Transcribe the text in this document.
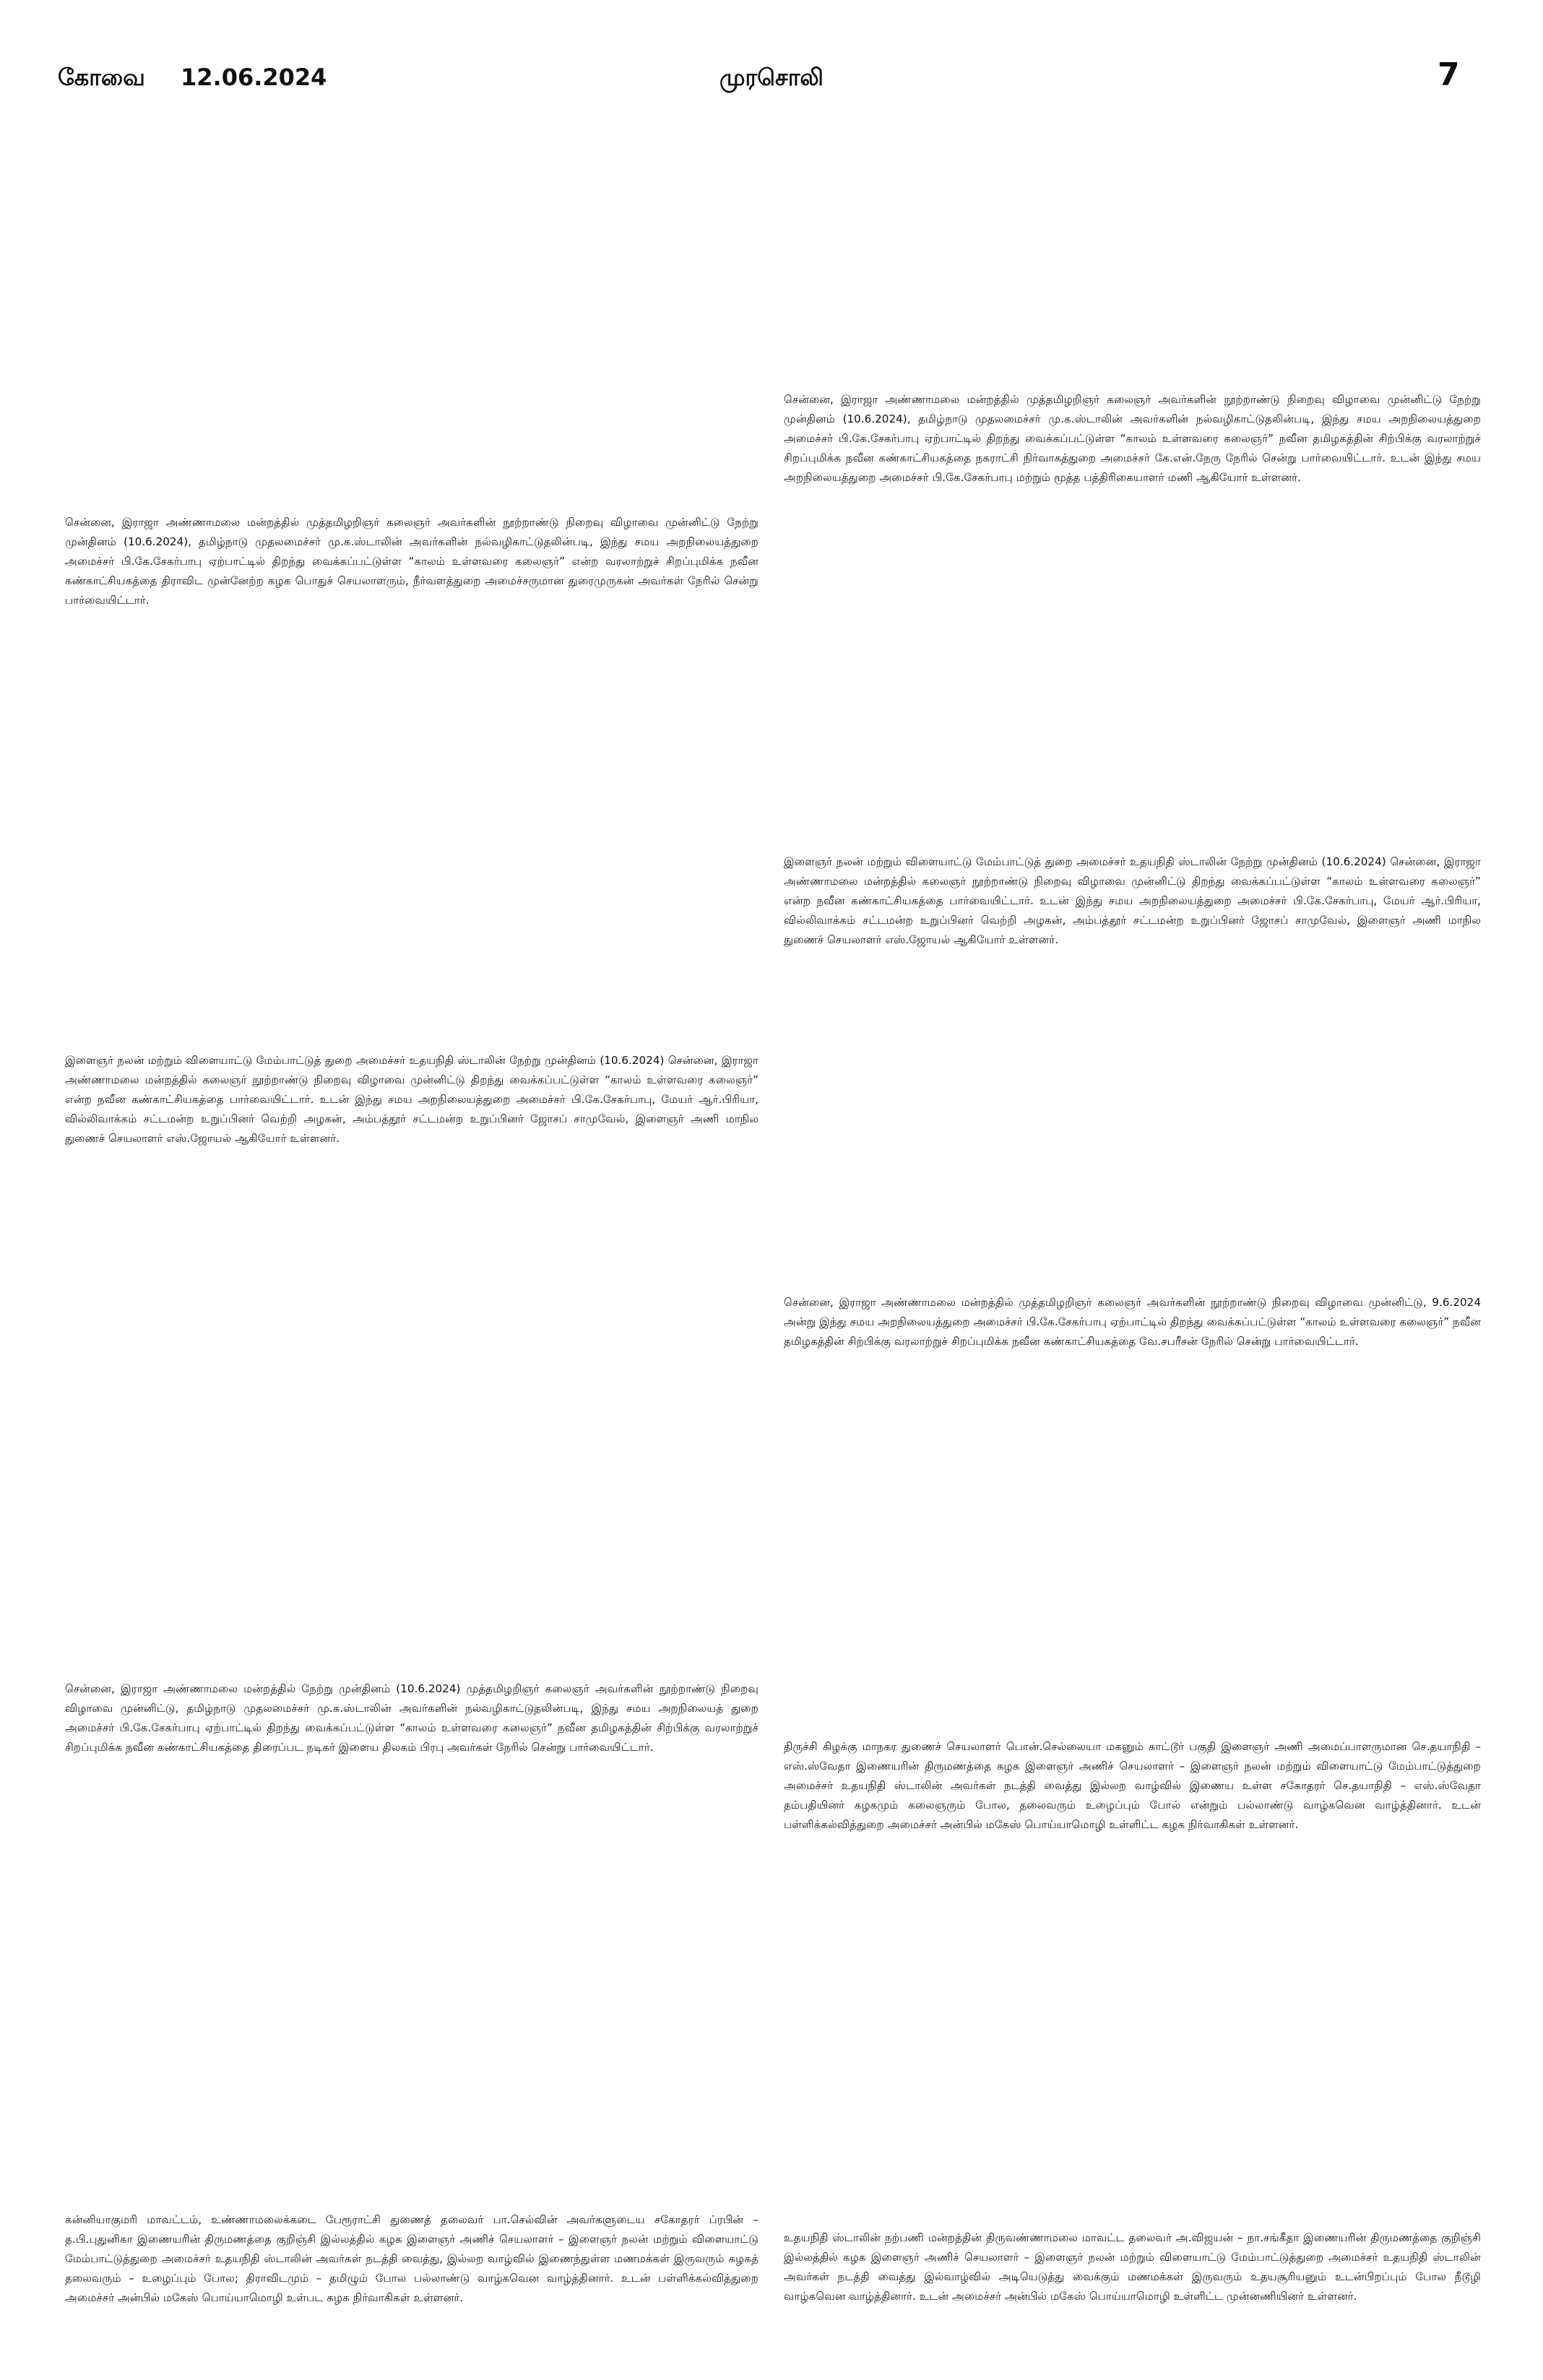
கோவை 12.06.2024	முரசொலி	7
சென்னை, இராஜா அண்ணாமலை மன்றத்தில் முத்தமிழறிஞர் கலைஞர் அவர்களின் நூற்றாண்டு நிறைவு விழாவை முன்னிட்டு நேற்று முன்தினம் (10.6.2024), தமிழ்நாடு முதலமைச்சர் மு.க.ஸ்டாலின் அவர்களின் நல்வழிகாட்டுதலின்படி, இந்து சமய அறநிலையத்துறை அமைச்சர் பி.கே.சேகர்பாபு ஏற்பாட்டில் திறந்து வைக்கப்பட்டுள்ள “காலம் உள்ளவரை கலைஞர்” நவீன தமிழகத்தின் சிற்பிக்கு வரலாற்றுச் சிறப்புமிக்க நவீன கண்காட்சியகத்தை நகராட்சி நிர்வாகத்துறை அமைச்சர் கே.என்.நேரு நேரில் சென்று பார்வையிட்டார். உடன் இந்து சமய அறநிலையத்துறை அமைச்சர் பி.கே.சேகர்பாபு மற்றும் மூத்த பத்திரிகையாளர் மணி ஆகியோர் உள்ளனர்.
சென்னை, இராஜா அண்ணாமலை மன்றத்தில் முத்தமிழறிஞர் கலைஞர் அவர்களின் நூற்றாண்டு நிறைவு விழாவை முன்னிட்டு நேற்று முன்தினம் (10.6.2024), தமிழ்நாடு முதலமைச்சர் மு.க.ஸ்டாலின் அவர்களின் நல்வழிகாட்டுதலின்படி, இந்து சமய அறநிலையத்துறை அமைச்சர் பி.கே.சேகர்பாபு ஏற்பாட்டில் திறந்து வைக்கப்பட்டுள்ள “காலம் உள்ளவரை கலைஞர்” என்ற வரலாற்றுச் சிறப்புமிக்க நவீன கண்காட்சியகத்தை திராவிட முன்னேற்ற கழக பொதுச் செயலாளரும், நீர்வளத்துறை அமைச்சருமான துரைமுருகன் அவர்கள் நேரில் சென்று பார்வையிட்டார்.
இளைஞர் நலன் மற்றும் விளையாட்டு மேம்பாட்டுத் துறை அமைச்சர் உதயநிதி ஸ்டாலின் நேற்று முன்தினம் (10.6.2024) சென்னை, இராஜா அண்ணாமலை மன்றத்தில் கலைஞர் நூற்றாண்டு நிறைவு விழாவை முன்னிட்டு திறந்து வைக்கப்பட்டுள்ள “காலம் உள்ளவரை கலைஞர்” என்ற நவீன கண்காட்சியகத்தை பார்வையிட்டார். உடன் இந்து சமய அறநிலையத்துறை அமைச்சர் பி.கே.சேகர்பாபு, மேயர் ஆர்.பிரியா, வில்லிவாக்கம் சட்டமன்ற உறுப்பினர் வெற்றி அழகன், அம்பத்தூர் சட்டமன்ற உறுப்பினர் ஜோசப் சாமுவேல், இளைஞர் அணி மாநில துணைச் செயலாளர் எஸ்.ஜோயல் ஆகியோர் உள்ளனர்.
இளைஞர் நலன் மற்றும் விளையாட்டு மேம்பாட்டுத் துறை அமைச்சர் உதயநிதி ஸ்டாலின் நேற்று முன்தினம் (10.6.2024) சென்னை, இராஜா அண்ணாமலை மன்றத்தில் கலைஞர் நூற்றாண்டு நிறைவு விழாவை முன்னிட்டு திறந்து வைக்கப்பட்டுள்ள “காலம் உள்ளவரை கலைஞர்” என்ற நவீன கண்காட்சியகத்தை பார்வையிட்டார். உடன் இந்து சமய அறநிலையத்துறை அமைச்சர் பி.கே.சேகர்பாபு, மேயர் ஆர்.பிரியா, வில்லிவாக்கம் சட்டமன்ற உறுப்பினர் வெற்றி அழகன், அம்பத்தூர் சட்டமன்ற உறுப்பினர் ஜோசப் சாமுவேல், இளைஞர் அணி மாநில துணைச் செயலாளர் எஸ்.ஜோயல் ஆகியோர் உள்ளனர்.
சென்னை, இராஜா அண்ணாமலை மன்றத்தில் முத்தமிழறிஞர் கலைஞர் அவர்களின் நூற்றாண்டு நிறைவு விழாவை முன்னிட்டு, 9.6.2024 அன்று இந்து சமய அறநிலையத்துறை அமைச்சர் பி.கே.சேகர்பாபு ஏற்பாட்டில் திறந்து வைக்கப்பட்டுள்ள “காலம் உள்ளவரை கலைஞர்” நவீன தமிழகத்தின் சிற்பிக்கு வரலாற்றுச் சிறப்புமிக்க நவீன கண்காட்சியகத்தை வே.சபரீசன் நேரில் சென்று பார்வையிட்டார்.
சென்னை, இராஜா அண்ணாமலை மன்றத்தில் நேற்று முன்தினம் (10.6.2024) முத்தமிழறிஞர் கலைஞர் அவர்களின் நூற்றாண்டு நிறைவு விழாவை முன்னிட்டு, தமிழ்நாடு முதலமைச்சர் மு.க.ஸ்டாலின் அவர்களின் நல்வழிகாட்டுதலின்படி, இந்து சமய அறநிலையத் துறை அமைச்சர் பி.கே.சேகர்பாபு ஏற்பாட்டில் திறந்து வைக்கப்பட்டுள்ள “காலம் உள்ளவரை கலைஞர்” நவீன தமிழகத்தின் சிற்பிக்கு வரலாற்றுச் சிறப்புமிக்க நவீன கண்காட்சியகத்தை திரைப்பட நடிகர் இளைய திலகம் பிரபு அவர்கள் நேரில் சென்று பார்வையிட்டார்.	திருச்சி கிழக்கு மாநகர துணைச் செயலாளர் பொன்.செல்லையா மகனும் காட்டூர் பகுதி இளைஞர் அணி அமைப்பாளருமான செ.தயாநிதி – எஸ்.ஸ்வேதா இணையரின் திருமணத்தை கழக இளைஞர் அணிச் செயலாளர் – இளைஞர் நலன் மற்றும் விளையாட்டு மேம்பாட்டுத்துறை அமைச்சர் உதயநிதி ஸ்டாலின் அவர்கள் நடத்தி வைத்து இல்லற வாழ்வில் இணைய உள்ள சகோதரர் செ.தயாநிதி – எஸ்.ஸ்வேதா தம்பதியினர் கழகமும் கலைஞரும் போல, தலைவரும் உழைப்பும் போல் என்றும் பல்லாண்டு வாழ்கவென வாழ்த்தினார். உடன் பள்ளிக்கல்வித்துறை அமைச்சர் அன்பில் மகேஸ் பொய்யாமொழி உள்ளிட்ட கழக நிர்வாகிகள் உள்ளனர்.
கன்னியாகுமரி மாவட்டம், உண்ணாமலைக்கடை பேரூராட்சி துணைத் தலைவர் பா.செல்வின் அவர்களுடைய சகோதரர் ப்ரபின் – த.பி.புதுனிகா இணையரின் திருமணத்தை குறிஞ்சி இல்லத்தில் கழக இளைஞர் அணிச் செயலாளர் – இளைஞர் நலன் மற்றும் விளையாட்டு மேம்பாட்டுத்துறை அமைச்சர் உதயநிதி ஸ்டாலின் அவர்கள் நடத்தி வைத்து, இல்லற வாழ்வில் இணைந்துள்ள மணமக்கள் இருவரும் கழகத் தலைவரும் – உழைப்பும் போல; திராவிடமும் – தமிழும் போல பல்லாண்டு வாழ்கவென வாழ்த்தினார். உடன் பள்ளிக்கல்வித்துறை அமைச்சர் அன்பில் மகேஸ் பொய்யாமொழி உள்பட கழக நிர்வாகிகள் உள்ளனர்.
உதயநிதி ஸ்டாலின் நற்பணி மன்றத்தின் திருவண்ணாமலை மாவட்ட தலைவர் அ.விஜயன் – நா.சங்கீதா இணையரின் திருமணத்தை குறிஞ்சி இல்லத்தில் கழக இளைஞர் அணிச் செயலாளர் – இளைஞர் நலன் மற்றும் விளையாட்டு மேம்பாட்டுத்துறை அமைச்சர் உதயநிதி ஸ்டாலின் அவர்கள் நடத்தி வைத்து இல்வாழ்வில் அடியெடுத்து வைக்கும் மணமக்கள் இருவரும் உதயசூரியனும் உடன்பிறப்பும் போல நீடூழி வாழ்கவென வாழ்த்தினார். உடன் அமைச்சர் அன்பில் மகேஸ் பொய்யாமொழி உள்ளிட்ட முன்னணியினர் உள்ளனர்.
